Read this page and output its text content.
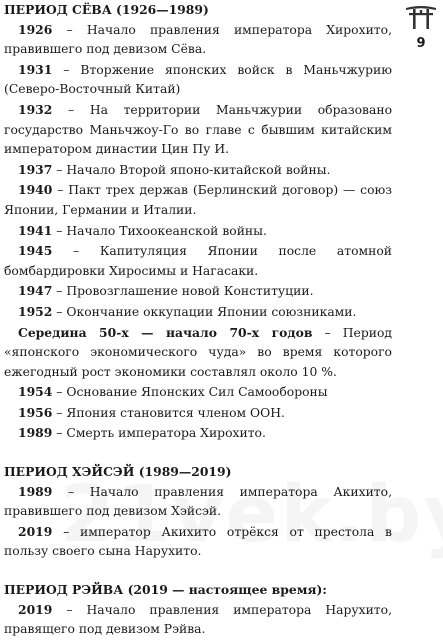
ПЕРИОД СЁВА (1926—1989)
1926 – Начало правления императора Хирохито, правившего под девизом Сёва.
1931 – Вторжение японских войск в Маньчжурию (Северо-Восточный Китай)
1932 – На территории Маньчжурии образовано государство Маньчжоу-Го во главе с бывшим китайским императором династии Цин Пу И.
1937 – Начало Второй японо-китайской войны.
1940 – Пакт трех держав (Берлинский договор) — союз Японии, Германии и Италии.
1941 – Начало Тихоокеанской войны.
1945 – Капитуляция Японии после атомной бомбардировки Хиросимы и Нагасаки.
1947 – Провозглашение новой Конституции.
1952 – Окончание оккупации Японии союзниками.
Середина 50-х — начало 70-х годов – Период «японского экономического чуда» во время которого ежегодный рост экономики составлял около 10 %.
1954 – Основание Японских Сил Самообороны
1956 – Япония становится членом ООН.
1989 – Смерть императора Хирохито.
ПЕРИОД ХЭЙСЭЙ (1989—2019)
1989 – Начало правления императора Акихито, правившего под девизом Хэйсэй.
2019 – император Акихито отрёкся от престола в пользу своего сына Нарухито.
ПЕРИОД РЭЙВА (2019 — настоящее время):
2019 – Начало правления императора Нарухито, правящего под девизом Рэйва.
9
